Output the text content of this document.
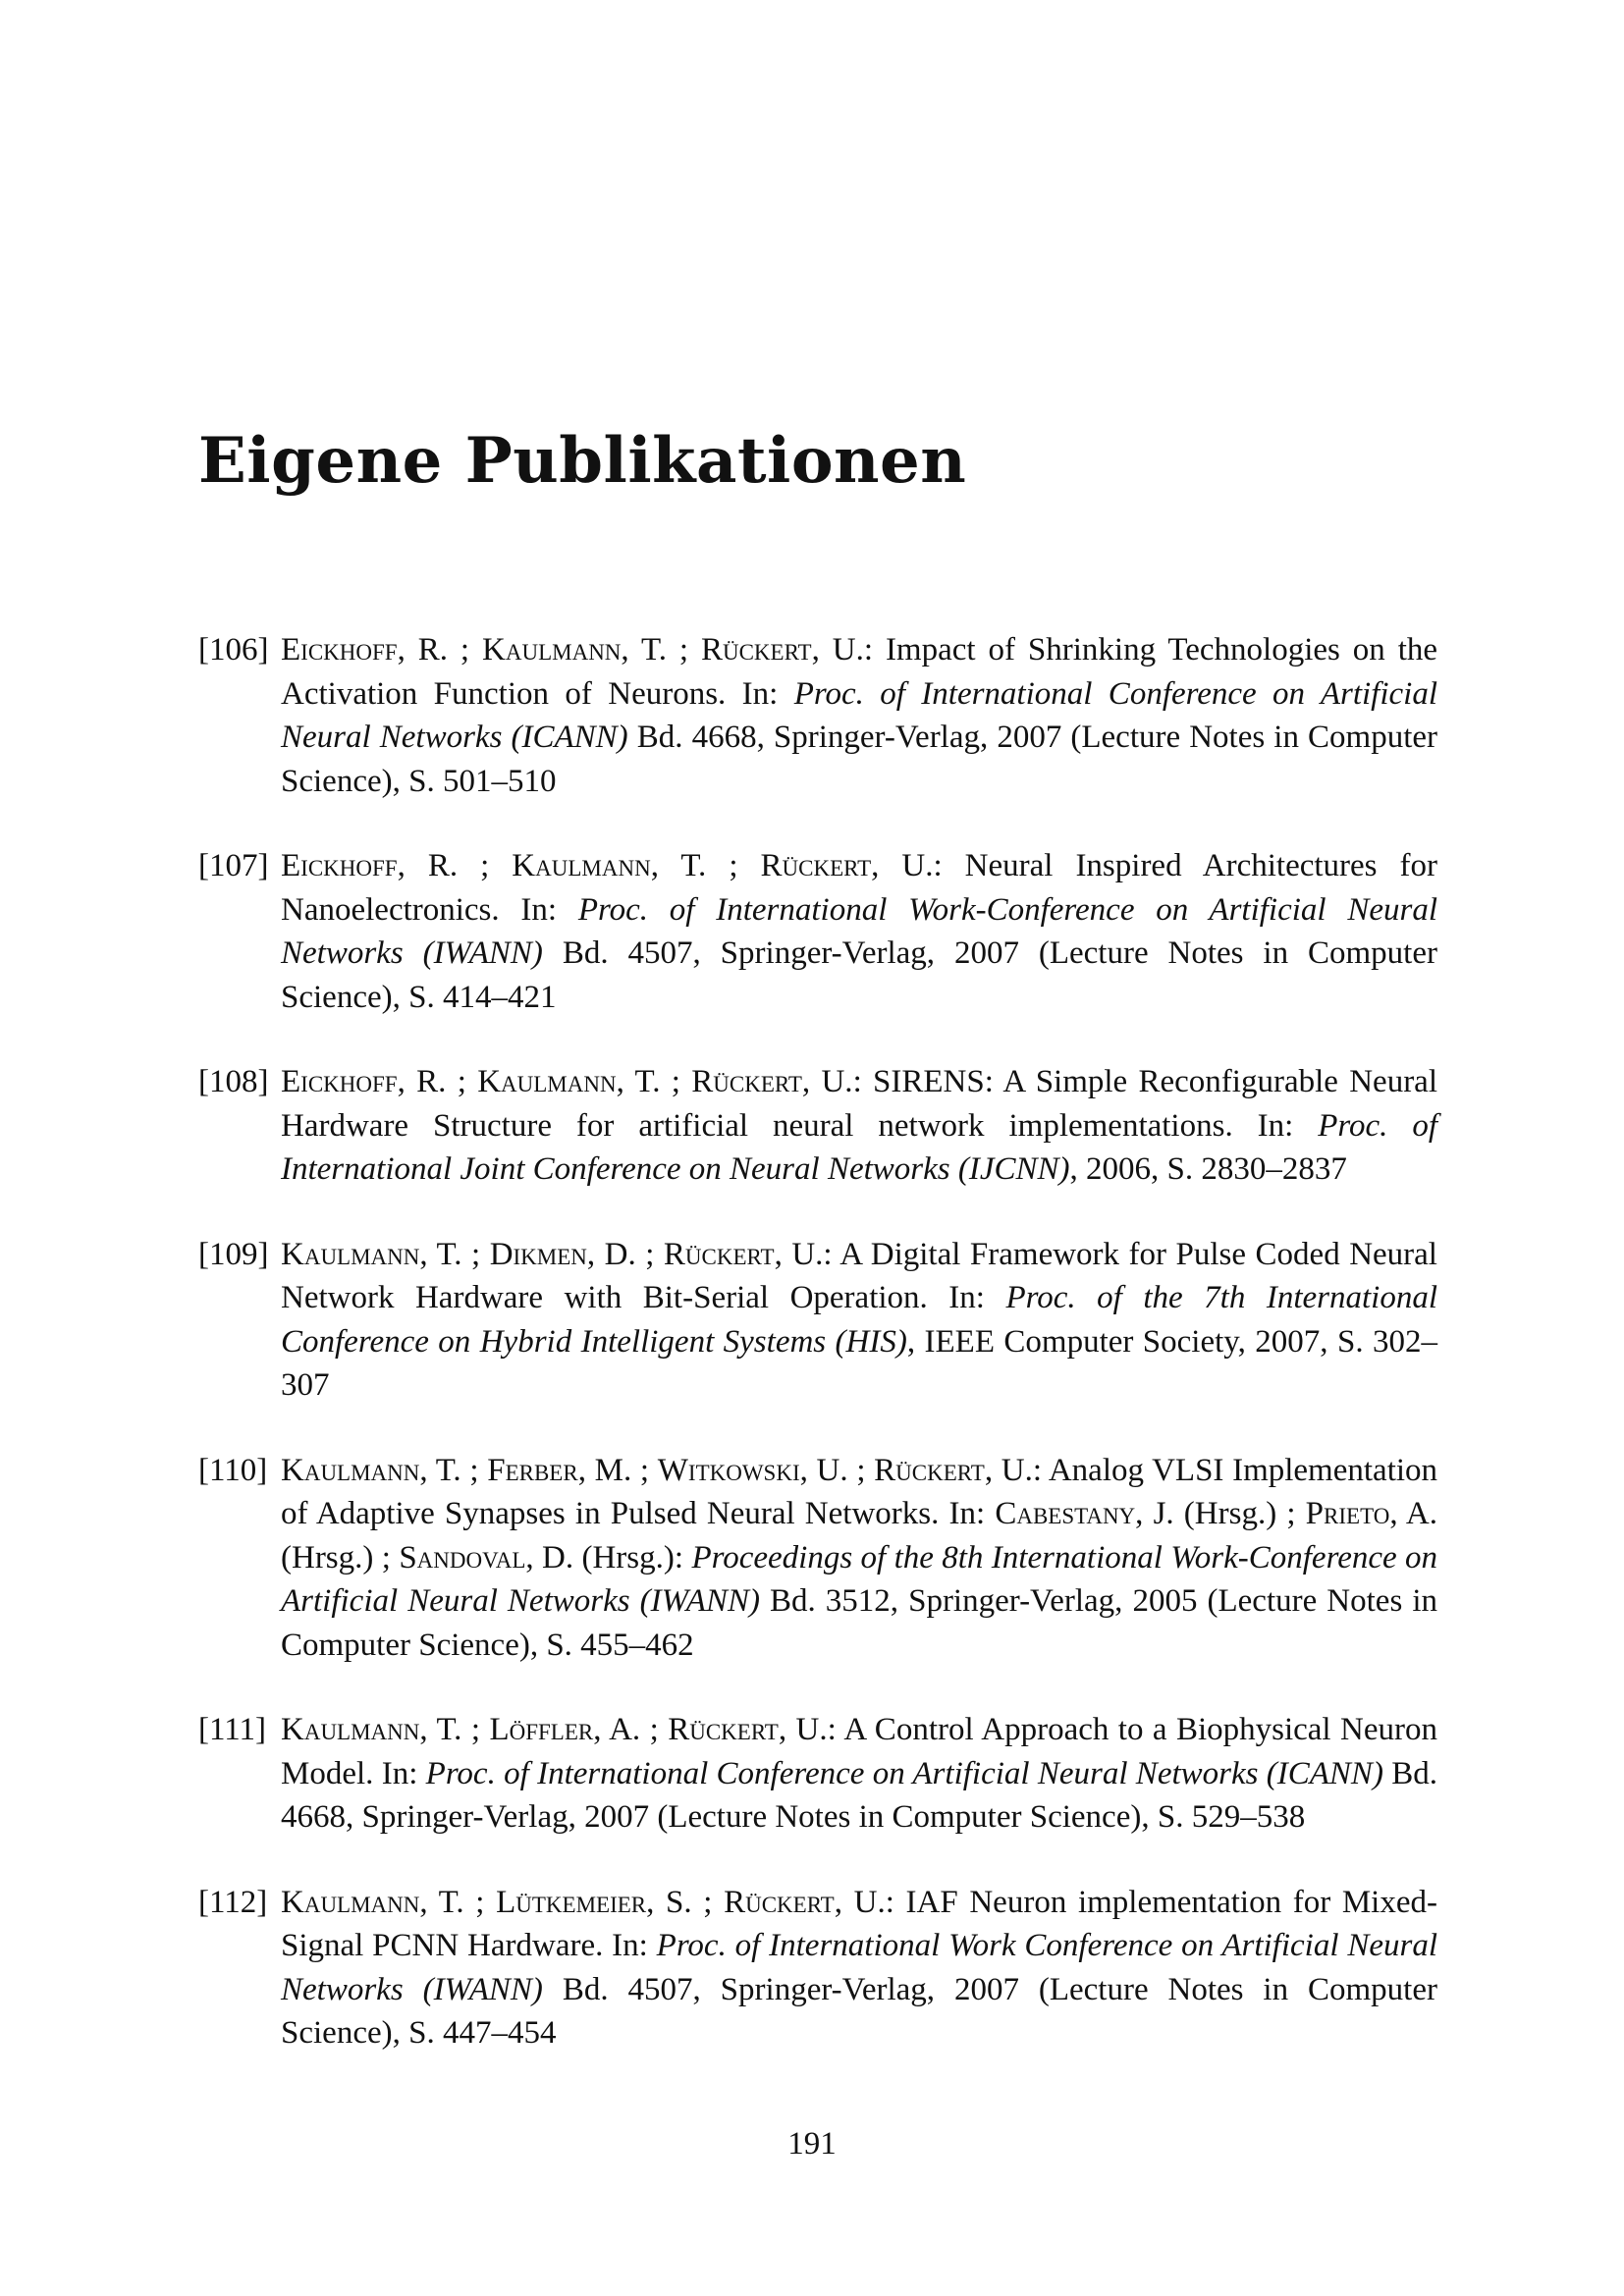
Eigene Publikationen
[106] Eickhoff, R. ; Kaulmann, T. ; Rückert, U.: Impact of Shrinking Technologies on the Activation Function of Neurons. In: Proc. of International Conference on Artificial Neural Networks (ICANN) Bd. 4668, Springer-Verlag, 2007 (Lecture Notes in Computer Science), S. 501–510
[107] Eickhoff, R. ; Kaulmann, T. ; Rückert, U.: Neural Inspired Architectures for Nanoelectronics. In: Proc. of International Work-Conference on Artificial Neural Networks (IWANN) Bd. 4507, Springer-Verlag, 2007 (Lecture Notes in Computer Science), S. 414–421
[108] Eickhoff, R. ; Kaulmann, T. ; Rückert, U.: SIRENS: A Simple Reconfigurable Neural Hardware Structure for artificial neural network implementations. In: Proc. of International Joint Conference on Neural Networks (IJCNN), 2006, S. 2830–2837
[109] Kaulmann, T. ; Dikmen, D. ; Rückert, U.: A Digital Framework for Pulse Coded Neural Network Hardware with Bit-Serial Operation. In: Proc. of the 7th International Conference on Hybrid Intelligent Systems (HIS), IEEE Computer Society, 2007, S. 302–307
[110] Kaulmann, T. ; Ferber, M. ; Witkowski, U. ; Rückert, U.: Analog VLSI Implementation of Adaptive Synapses in Pulsed Neural Networks. In: Cabestany, J. (Hrsg.) ; Prieto, A. (Hrsg.) ; Sandoval, D. (Hrsg.): Proceedings of the 8th International Work-Conference on Artificial Neural Networks (IWANN) Bd. 3512, Springer-Verlag, 2005 (Lecture Notes in Computer Science), S. 455–462
[111] Kaulmann, T. ; Löffler, A. ; Rückert, U.: A Control Approach to a Biophysical Neuron Model. In: Proc. of International Conference on Artificial Neural Networks (ICANN) Bd. 4668, Springer-Verlag, 2007 (Lecture Notes in Computer Science), S. 529–538
[112] Kaulmann, T. ; Lütkemeier, S. ; Rückert, U.: IAF Neuron implementation for Mixed-Signal PCNN Hardware. In: Proc. of International Work Conference on Artificial Neural Networks (IWANN) Bd. 4507, Springer-Verlag, 2007 (Lecture Notes in Computer Science), S. 447–454
191
